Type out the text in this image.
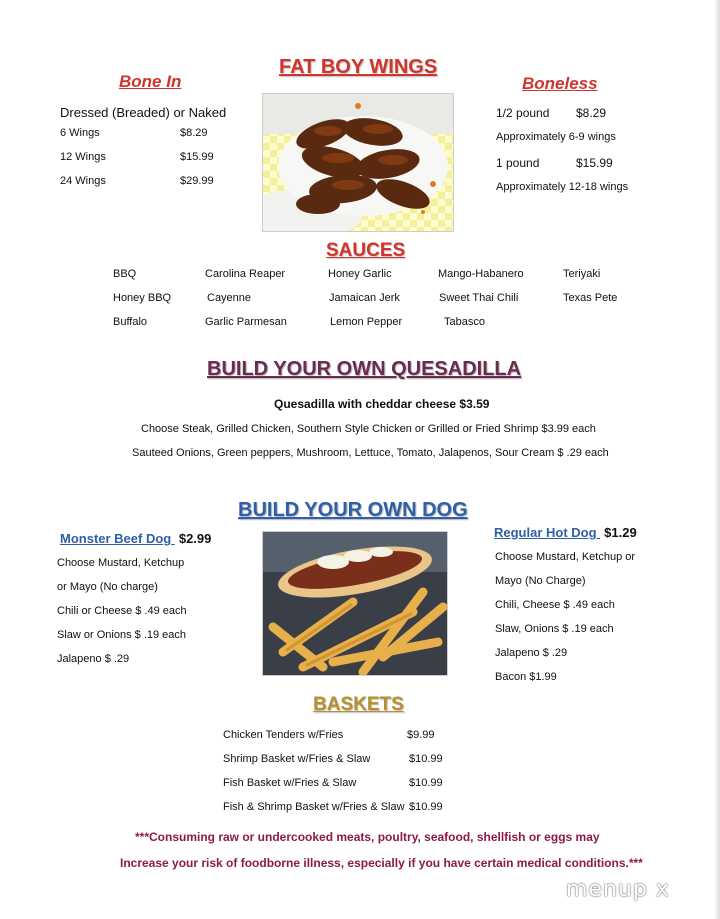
FAT BOY WINGS
Bone In
Dressed (Breaded) or Naked
6 Wings	$8.29
12 Wings	$15.99
24 Wings	$29.99
Boneless
1/2 pound $8.29
Approximately 6-9 wings
1 pound	$15.99
Approximately 12-18 wings
SAUCES
BBQ	Carolina Reaper	Honey Garlic	Mango-Habanero	Teriyaki
Honey BBQ	Cayenne	Jamaican Jerk	Sweet Thai Chili	Texas Pete
Buffalo	Garlic Parmesan	Lemon Pepper	Tabasco
BUILD YOUR OWN QUESADILLA
Quesadilla with cheddar cheese $3.59
Choose Steak, Grilled Chicken, Southern Style Chicken or Grilled or Fried Shrimp $3.99 each
Sauteed Onions, Green peppers, Mushroom, Lettuce, Tomato, Jalapenos, Sour Cream $ .29 each
BUILD YOUR OWN DOG
Monster Beef Dog $2.99
Choose Mustard, Ketchup
or Mayo (No charge)
Chili or Cheese $ .49 each
Slaw or Onions $ .19 each
Jalapeno $ .29
Regular Hot Dog $1.29
Choose Mustard, Ketchup or
Mayo (No Charge)
Chili, Cheese $ .49 each
Slaw, Onions $ .19 each
Jalapeno $ .29
Bacon $1.99
BASKETS
Chicken Tenders w/Fries	$9.99
Shrimp Basket w/Fries & Slaw	$10.99
Fish Basket w/Fries & Slaw	$10.99
Fish & Shrimp Basket w/Fries & Slaw $10.99
***Consuming raw or undercooked meats, poultry, seafood, shellfish or eggs may
Increase your risk of foodborne illness, especially if you have certain medical conditions.***
menup x
